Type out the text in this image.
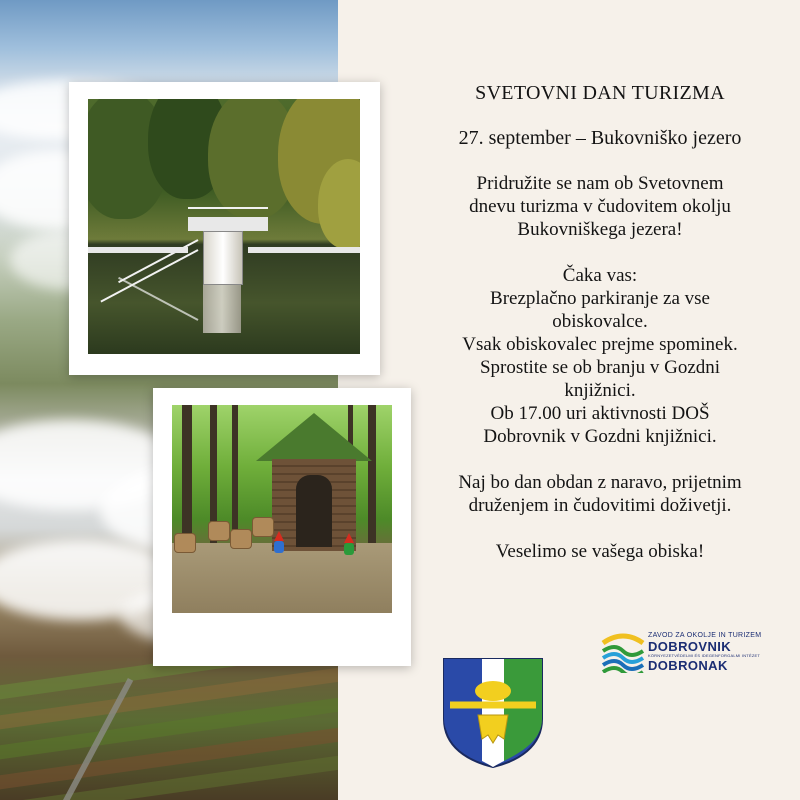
SVETOVNI DAN TURIZMA
27. september – Bukovniško jezero

Pridružite se nam ob Svetovnem

dnevu turizma v čudovitem okolju

Bukovniškega jezera!

Čaka vas:

Brezplačno parkiranje za vse

obiskovalce.

Vsak obiskovalec prejme spominek.

Sprostite se ob branju v Gozdni

knjižnici.

Ob 17.00 uri aktivnosti DOŠ

Dobrovnik v Gozdni knjižnici.

Naj bo dan obdan z naravo, prijetnim

druženjem in čudovitimi doživetji.

Veselimo se vašega obiska!

ZAVOD ZA OKOLJE IN TURIZEM
DOBROVNIK
KÖRNYEZETVÉDELMI ÉS IDEGENFORGALMI INTÉZET
DOBRONAK
